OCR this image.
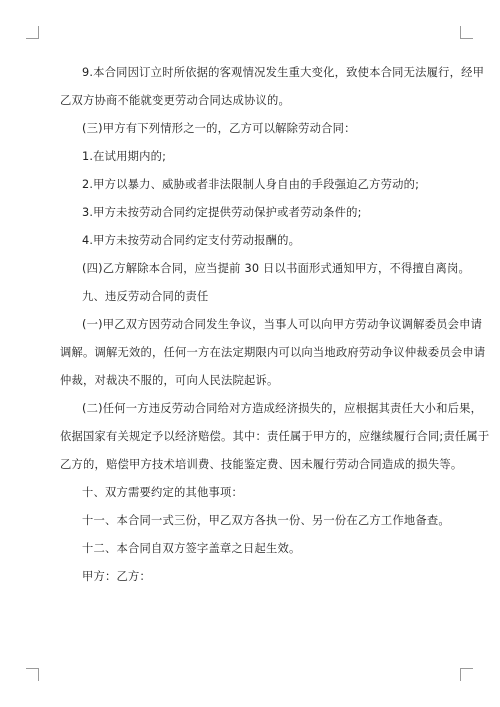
9.本合同因订立时所依据的客观情况发生重大变化，致使本合同无法履行，经甲
乙双方协商不能就变更劳动合同达成协议的。
(三)甲方有下列情形之一的，乙方可以解除劳动合同：
1.在试用期内的;
2.甲方以暴力、威胁或者非法限制人身自由的手段强迫乙方劳动的;
3.甲方未按劳动合同约定提供劳动保护或者劳动条件的;
4.甲方未按劳动合同约定支付劳动报酬的。
(四)乙方解除本合同，应当提前 30 日以书面形式通知甲方，不得擅自离岗。
九、违反劳动合同的责任
(一)甲乙双方因劳动合同发生争议，当事人可以向甲方劳动争议调解委员会申请
调解。调解无效的，任何一方在法定期限内可以向当地政府劳动争议仲裁委员会申请
仲裁，对裁决不服的，可向人民法院起诉。
(二)任何一方违反劳动合同给对方造成经济损失的，应根据其责任大小和后果，
依据国家有关规定予以经济赔偿。其中：责任属于甲方的，应继续履行合同;责任属于
乙方的，赔偿甲方技术培训费、技能鉴定费、因未履行劳动合同造成的损失等。
十、双方需要约定的其他事项：
十一、本合同一式三份，甲乙双方各执一份、另一份在乙方工作地备查。
十二、本合同自双方签字盖章之日起生效。
甲方：乙方：
